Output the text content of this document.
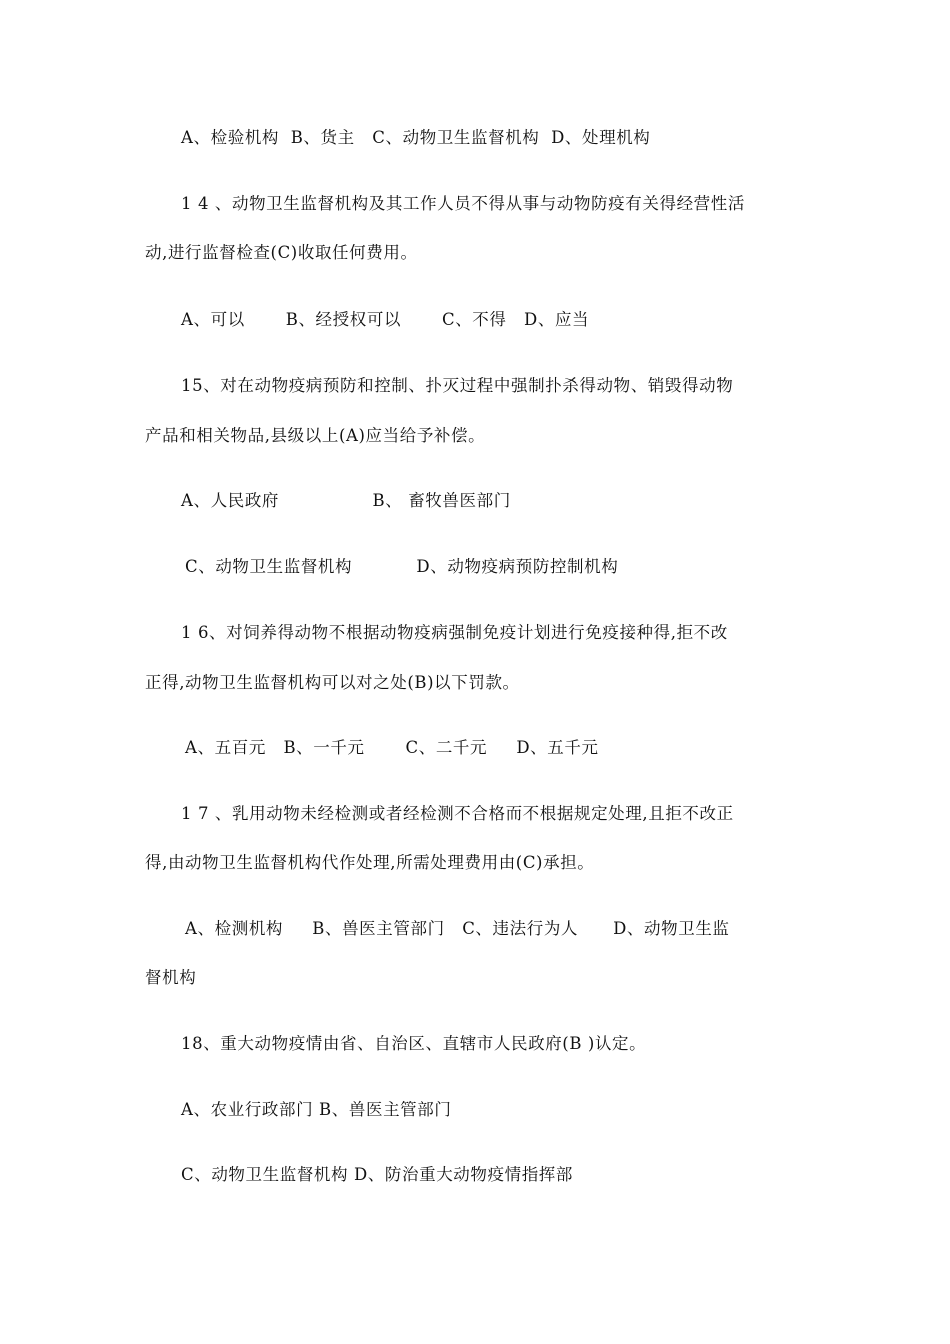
A、检验机构  B、货主   C、动物卫生监督机构  D、处理机构
1 4 、动物卫生监督机构及其工作人员不得从事与动物防疫有关得经营性活
动,进行监督检查(C)收取任何费用。
A、可以       B、经授权可以       C、不得   D、应当
15、对在动物疫病预防和控制、扑灭过程中强制扑杀得动物、销毁得动物
产品和相关物品,县级以上(A)应当给予补偿。
A、人民政府                B、 畜牧兽医部门
C、动物卫生监督机构           D、动物疫病预防控制机构
1 6、对饲养得动物不根据动物疫病强制免疫计划进行免疫接种得,拒不改
正得,动物卫生监督机构可以对之处(B)以下罚款。
A、五百元   B、一千元       C、二千元     D、五千元
1 7 、乳用动物未经检测或者经检测不合格而不根据规定处理,且拒不改正
得,由动物卫生监督机构代作处理,所需处理费用由(C)承担。
A、检测机构     B、兽医主管部门   C、违法行为人      D、动物卫生监
督机构
18、重大动物疫情由省、自治区、直辖市人民政府(B )认定。
A、农业行政部门 B、兽医主管部门
C、动物卫生监督机构 D、防治重大动物疫情指挥部
